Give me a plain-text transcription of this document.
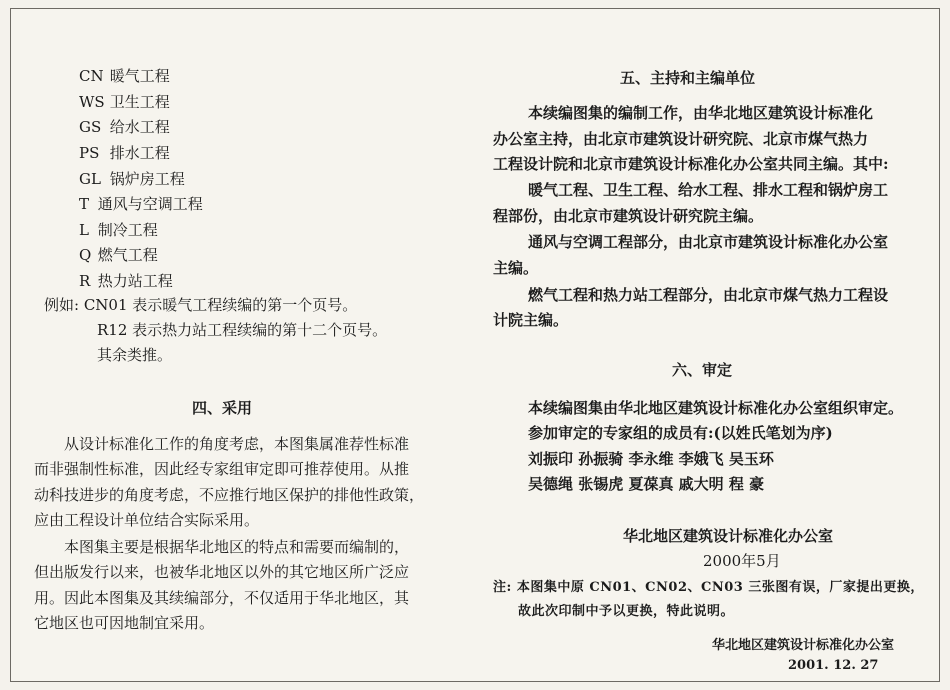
CN 暖气工程
WS 卫生工程
GS 给水工程
PS 排水工程
GL 锅炉房工程
T 通风与空调工程
L 制冷工程
Q 燃气工程
R 热力站工程
例如: CN01 表示暖气工程续编的第一个页号。
R12 表示热力站工程续编的第十二个页号。
其余类推。
四、采用
从设计标准化工作的角度考虑，本图集属准荐性标准
而非强制性标准，因此经专家组审定即可推荐使用。从推
动科技进步的角度考虑，不应推行地区保护的排他性政策，
应由工程设计单位结合实际采用。
本图集主要是根据华北地区的特点和需要而编制的，
但出版发行以来，也被华北地区以外的其它地区所广泛应
用。因此本图集及其续编部分，不仅适用于华北地区，其
它地区也可因地制宜采用。
五、主持和主编单位
本续编图集的编制工作，由华北地区建筑设计标准化
办公室主持，由北京市建筑设计研究院、北京市煤气热力
工程设计院和北京市建筑设计标准化办公室共同主编。其中:
暖气工程、卫生工程、给水工程、排水工程和锅炉房工
程部份，由北京市建筑设计研究院主编。
通风与空调工程部分，由北京市建筑设计标准化办公室
主编。
燃气工程和热力站工程部分，由北京市煤气热力工程设
计院主编。
六、审定
本续编图集由华北地区建筑设计标准化办公室组织审定。
参加审定的专家组的成员有:(以姓氏笔划为序)
刘振印 孙振骑 李永维 李娥飞 吴玉环
吴德绳 张锡虎 夏葆真 戚大明 程 豪
华北地区建筑设计标准化办公室
2000年5月
注: 本图集中原 CN01、CN02、CN03 三张图有误，厂家提出更换，
故此次印制中予以更换，特此说明。
华北地区建筑设计标准化办公室
2001. 12. 27
